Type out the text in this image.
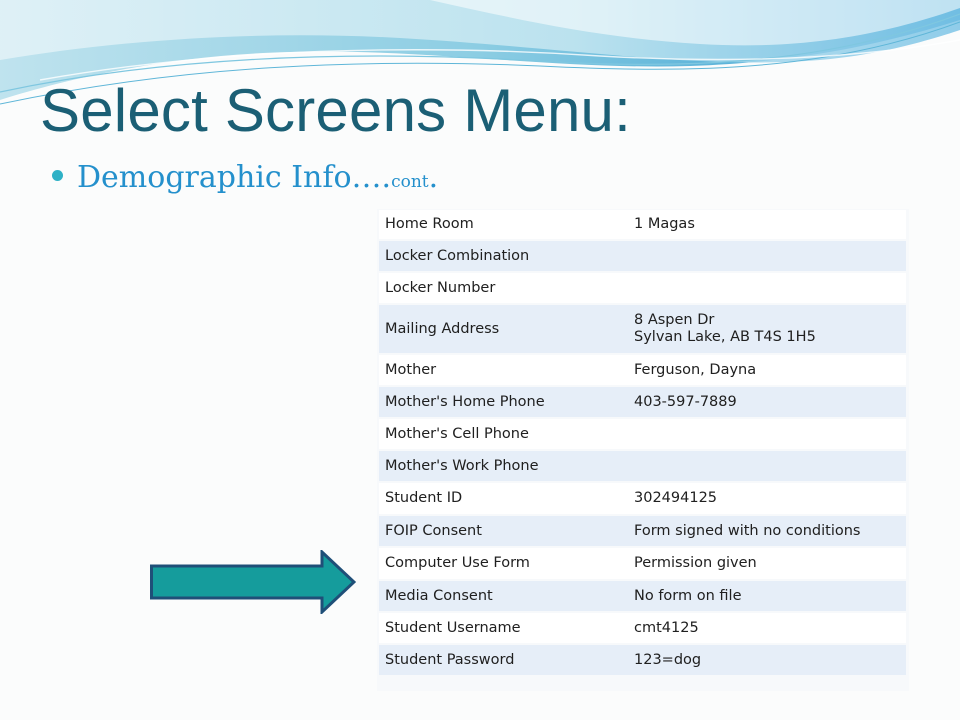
Select Screens Menu:
Demographic Info…. cont .
Home Room	1 Magas
Locker Combination	
Locker Number	
Mailing Address	8 Aspen Dr
Sylvan Lake, AB T4S 1H5
Mother	Ferguson, Dayna
Mother's Home Phone	403-597-7889
Mother's Cell Phone	
Mother's Work Phone	
Student ID	302494125
FOIP Consent	Form signed with no conditions
Computer Use Form	Permission given
Media Consent	No form on file
Student Username	cmt4125
Student Password	123=dog
